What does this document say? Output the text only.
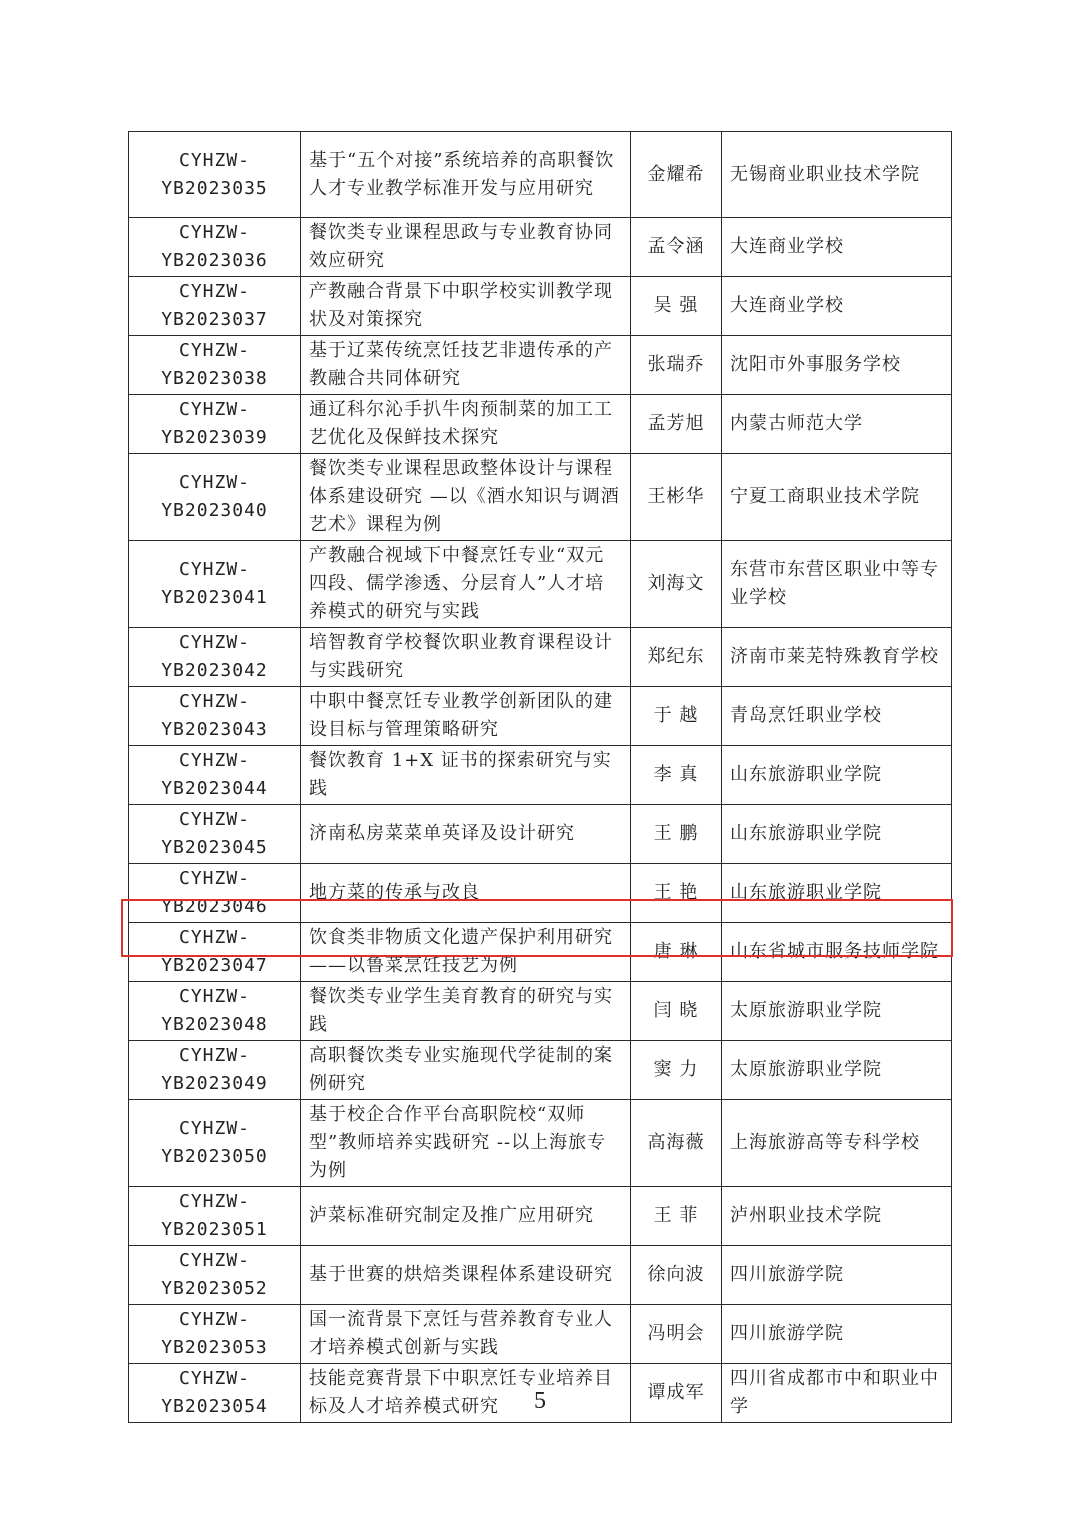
CYHZW-YB2023035	基于“五个对接”系统培养的高职餐饮人才专业教学标准开发与应用研究	金耀希	无锡商业职业技术学院
CYHZW-YB2023036	餐饮类专业课程思政与专业教育协同效应研究	孟令涵	大连商业学校
CYHZW-YB2023037	产教融合背景下中职学校实训教学现状及对策探究	吴 强	大连商业学校
CYHZW-YB2023038	基于辽菜传统烹饪技艺非遗传承的产教融合共同体研究	张瑞乔	沈阳市外事服务学校
CYHZW-YB2023039	通辽科尔沁手扒牛肉预制菜的加工工艺优化及保鲜技术探究	孟芳旭	内蒙古师范大学
CYHZW-YB2023040	餐饮类专业课程思政整体设计与课程体系建设研究 —以《酒水知识与调酒艺术》课程为例	王彬华	宁夏工商职业技术学院
CYHZW-YB2023041	产教融合视域下中餐烹饪专业“双元四段、儒学渗透、分层育人”人才培养模式的研究与实践	刘海文	东营市东营区职业中等专业学校
CYHZW-YB2023042	培智教育学校餐饮职业教育课程设计与实践研究	郑纪东	济南市莱芜特殊教育学校
CYHZW-YB2023043	中职中餐烹饪专业教学创新团队的建设目标与管理策略研究	于 越	青岛烹饪职业学校
CYHZW-YB2023044	餐饮教育 1+X 证书的探索研究与实践	李 真	山东旅游职业学院
CYHZW-YB2023045	济南私房菜菜单英译及设计研究	王 鹏	山东旅游职业学院
CYHZW-YB2023046	地方菜的传承与改良	王 艳	山东旅游职业学院
CYHZW-YB2023047	饮食类非物质文化遗产保护利用研究——以鲁菜烹饪技艺为例	唐 琳	山东省城市服务技师学院
CYHZW-YB2023048	餐饮类专业学生美育教育的研究与实践	闫 晓	太原旅游职业学院
CYHZW-YB2023049	高职餐饮类专业实施现代学徒制的案例研究	窦 力	太原旅游职业学院
CYHZW-YB2023050	基于校企合作平台高职院校“双师型”教师培养实践研究 --以上海旅专为例	高海薇	上海旅游高等专科学校
CYHZW-YB2023051	泸菜标准研究制定及推广应用研究	王 菲	泸州职业技术学院
CYHZW-YB2023052	基于世赛的烘焙类课程体系建设研究	徐向波	四川旅游学院
CYHZW-YB2023053	国一流背景下烹饪与营养教育专业人才培养模式创新与实践	冯明会	四川旅游学院
CYHZW-YB2023054	技能竞赛背景下中职烹饪专业培养目标及人才培养模式研究	谭成军	四川省成都市中和职业中学
5
